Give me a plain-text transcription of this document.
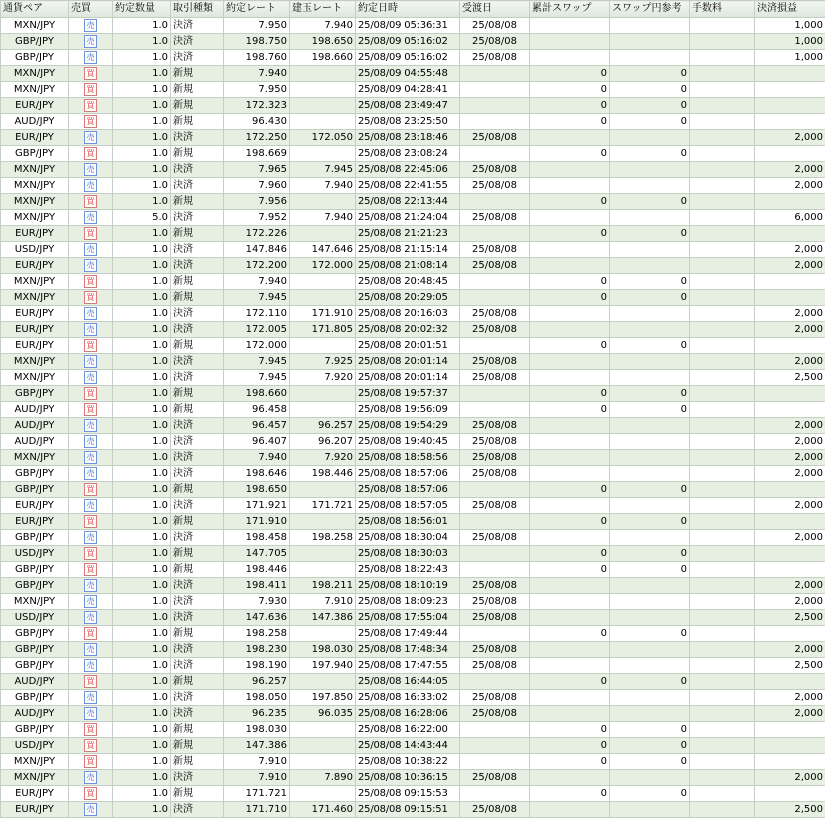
通貨ペア	売買	約定数量	取引種類	約定レート	建玉レート	約定日時	受渡日	累計スワップ	スワップ円参考	手数料	決済損益
MXN/JPY	売	1.0	決済	7.950	7.940	25/08/09 05:36:31	25/08/08				1,000
GBP/JPY	売	1.0	決済	198.750	198.650	25/08/09 05:16:02	25/08/08				1,000
GBP/JPY	売	1.0	決済	198.760	198.660	25/08/09 05:16:02	25/08/08				1,000
MXN/JPY	買	1.0	新規	7.940		25/08/09 04:55:48		0	0		
MXN/JPY	買	1.0	新規	7.950		25/08/09 04:28:41		0	0		
EUR/JPY	買	1.0	新規	172.323		25/08/08 23:49:47		0	0		
AUD/JPY	買	1.0	新規	96.430		25/08/08 23:25:50		0	0		
EUR/JPY	売	1.0	決済	172.250	172.050	25/08/08 23:18:46	25/08/08				2,000
GBP/JPY	買	1.0	新規	198.669		25/08/08 23:08:24		0	0		
MXN/JPY	売	1.0	決済	7.965	7.945	25/08/08 22:45:06	25/08/08				2,000
MXN/JPY	売	1.0	決済	7.960	7.940	25/08/08 22:41:55	25/08/08				2,000
MXN/JPY	買	1.0	新規	7.956		25/08/08 22:13:44		0	0		
MXN/JPY	売	5.0	決済	7.952	7.940	25/08/08 21:24:04	25/08/08				6,000
EUR/JPY	買	1.0	新規	172.226		25/08/08 21:21:23		0	0		
USD/JPY	売	1.0	決済	147.846	147.646	25/08/08 21:15:14	25/08/08				2,000
EUR/JPY	売	1.0	決済	172.200	172.000	25/08/08 21:08:14	25/08/08				2,000
MXN/JPY	買	1.0	新規	7.940		25/08/08 20:48:45		0	0		
MXN/JPY	買	1.0	新規	7.945		25/08/08 20:29:05		0	0		
EUR/JPY	売	1.0	決済	172.110	171.910	25/08/08 20:16:03	25/08/08				2,000
EUR/JPY	売	1.0	決済	172.005	171.805	25/08/08 20:02:32	25/08/08				2,000
EUR/JPY	買	1.0	新規	172.000		25/08/08 20:01:51		0	0		
MXN/JPY	売	1.0	決済	7.945	7.925	25/08/08 20:01:14	25/08/08				2,000
MXN/JPY	売	1.0	決済	7.945	7.920	25/08/08 20:01:14	25/08/08				2,500
GBP/JPY	買	1.0	新規	198.660		25/08/08 19:57:37		0	0		
AUD/JPY	買	1.0	新規	96.458		25/08/08 19:56:09		0	0		
AUD/JPY	売	1.0	決済	96.457	96.257	25/08/08 19:54:29	25/08/08				2,000
AUD/JPY	売	1.0	決済	96.407	96.207	25/08/08 19:40:45	25/08/08				2,000
MXN/JPY	売	1.0	決済	7.940	7.920	25/08/08 18:58:56	25/08/08				2,000
GBP/JPY	売	1.0	決済	198.646	198.446	25/08/08 18:57:06	25/08/08				2,000
GBP/JPY	買	1.0	新規	198.650		25/08/08 18:57:06		0	0		
EUR/JPY	売	1.0	決済	171.921	171.721	25/08/08 18:57:05	25/08/08				2,000
EUR/JPY	買	1.0	新規	171.910		25/08/08 18:56:01		0	0		
GBP/JPY	売	1.0	決済	198.458	198.258	25/08/08 18:30:04	25/08/08				2,000
USD/JPY	買	1.0	新規	147.705		25/08/08 18:30:03		0	0		
GBP/JPY	買	1.0	新規	198.446		25/08/08 18:22:43		0	0		
GBP/JPY	売	1.0	決済	198.411	198.211	25/08/08 18:10:19	25/08/08				2,000
MXN/JPY	売	1.0	決済	7.930	7.910	25/08/08 18:09:23	25/08/08				2,000
USD/JPY	売	1.0	決済	147.636	147.386	25/08/08 17:55:04	25/08/08				2,500
GBP/JPY	買	1.0	新規	198.258		25/08/08 17:49:44		0	0		
GBP/JPY	売	1.0	決済	198.230	198.030	25/08/08 17:48:34	25/08/08				2,000
GBP/JPY	売	1.0	決済	198.190	197.940	25/08/08 17:47:55	25/08/08				2,500
AUD/JPY	買	1.0	新規	96.257		25/08/08 16:44:05		0	0		
GBP/JPY	売	1.0	決済	198.050	197.850	25/08/08 16:33:02	25/08/08				2,000
AUD/JPY	売	1.0	決済	96.235	96.035	25/08/08 16:28:06	25/08/08				2,000
GBP/JPY	買	1.0	新規	198.030		25/08/08 16:22:00		0	0		
USD/JPY	買	1.0	新規	147.386		25/08/08 14:43:44		0	0		
MXN/JPY	買	1.0	新規	7.910		25/08/08 10:38:22		0	0		
MXN/JPY	売	1.0	決済	7.910	7.890	25/08/08 10:36:15	25/08/08				2,000
EUR/JPY	買	1.0	新規	171.721		25/08/08 09:15:53		0	0		
EUR/JPY	売	1.0	決済	171.710	171.460	25/08/08 09:15:51	25/08/08				2,500
